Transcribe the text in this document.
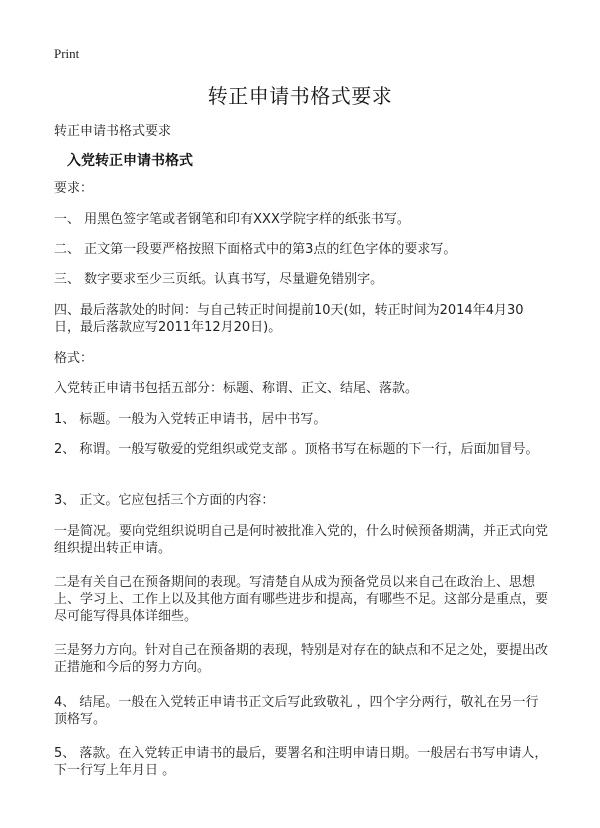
Print
转正申请书格式要求
转正申请书格式要求
入党转正申请书格式

要求：

一、 用黑色签字笔或者钢笔和印有XXX学院字样的纸张书写。

二、 正文第一段要严格按照下面格式中的第3点的红色字体的要求写。

三、 数字要求至少三页纸。认真书写，尽量避免错别字。

四、最后落款处的时间：与自己转正时间提前10天(如，转正时间为2014年4月30日，最后落款应写2011年12月20日)。

格式：

入党转正申请书包括五部分：标题、称谓、正文、结尾、落款。

1、 标题。一般为入党转正申请书，居中书写。

2、 称谓。一般写敬爱的党组织或党支部 。顶格书写在标题的下一行，后面加冒号。

3、 正文。它应包括三个方面的内容：

一是简况。要向党组织说明自己是何时被批准入党的，什么时候预备期满，并正式向党组织提出转正申请。

二是有关自己在预备期间的表现。写清楚自从成为预备党员以来自己在政治上、思想上、学习上、工作上以及其他方面有哪些进步和提高，有哪些不足。这部分是重点，要尽可能写得具体详细些。

三是努力方向。针对自己在预备期的表现，特别是对存在的缺点和不足之处，要提出改正措施和今后的努力方向。

4、 结尾。一般在入党转正申请书正文后写此致敬礼 ，四个字分两行，敬礼在另一行顶格写。

5、 落款。在入党转正申请书的最后，要署名和注明申请日期。一般居右书写申请人，下一行写上年月日 。
